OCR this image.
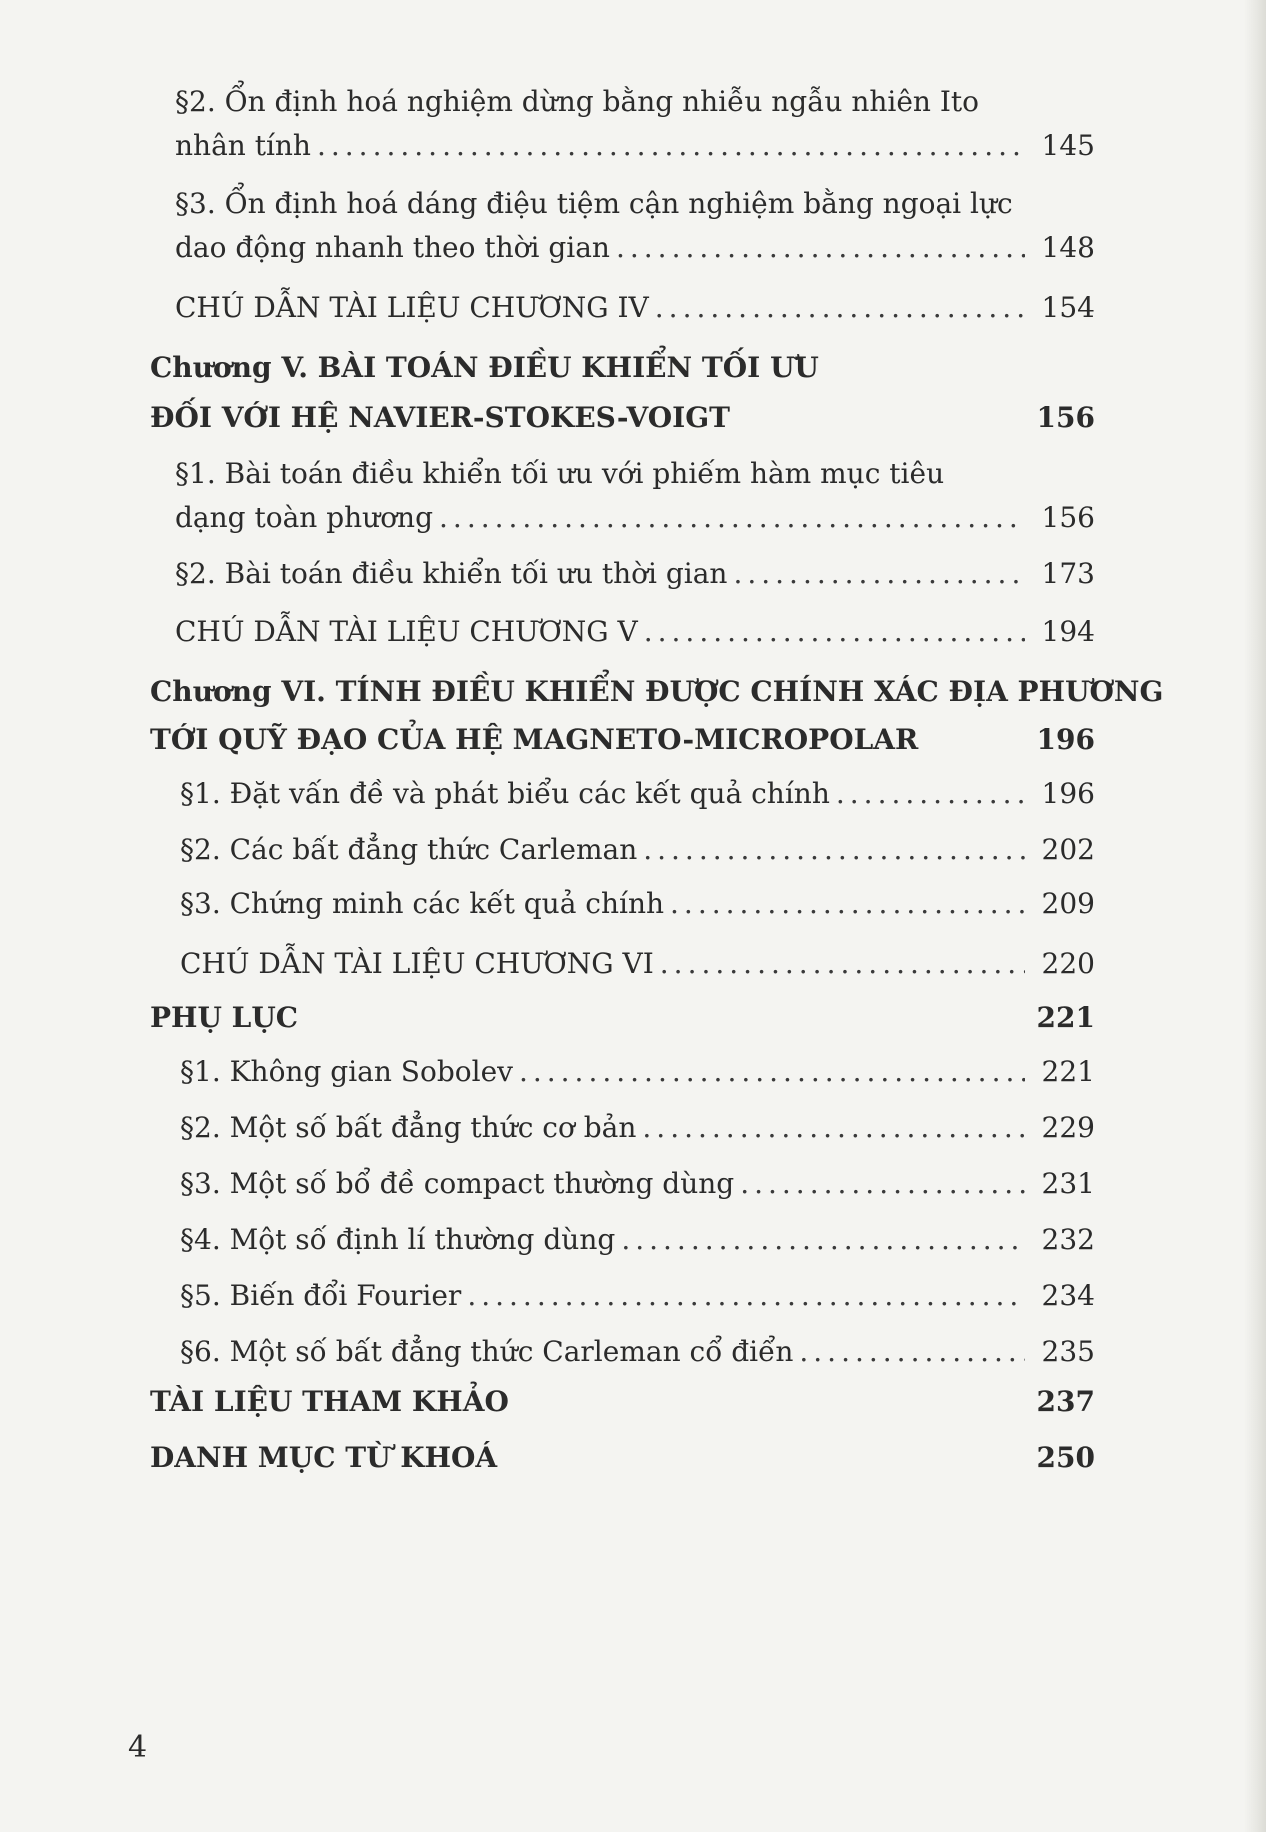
§2. Ổn định hoá nghiệm dừng bằng nhiễu ngẫu nhiên Ito
nhân tính .....	145
§3. Ổn định hoá dáng điệu tiệm cận nghiệm bằng ngoại lực
dao động nhanh theo thời gian .....	148
CHÚ DẪN TÀI LIỆU CHƯƠNG IV .....	154
Chương V. BÀI TOÁN ĐIỀU KHIỂN TỐI ƯU
ĐỐI VỚI HỆ NAVIER-STOKES-VOIGT	156
§1. Bài toán điều khiển tối ưu với phiếm hàm mục tiêu
dạng toàn phương .....	156
§2. Bài toán điều khiển tối ưu thời gian .....	173
CHÚ DẪN TÀI LIỆU CHƯƠNG V .....	194
Chương VI. TÍNH ĐIỀU KHIỂN ĐƯỢC CHÍNH XÁC ĐỊA PHƯƠNG
TỚI QUỸ ĐẠO CỦA HỆ MAGNETO-MICROPOLAR	196
§1. Đặt vấn đề và phát biểu các kết quả chính .....	196
§2. Các bất đẳng thức Carleman .....	202
§3. Chứng minh các kết quả chính .....	209
CHÚ DẪN TÀI LIỆU CHƯƠNG VI .....	220
PHỤ LỤC	221
§1. Không gian Sobolev .....	221
§2. Một số bất đẳng thức cơ bản .....	229
§3. Một số bổ đề compact thường dùng .....	231
§4. Một số định lí thường dùng .....	232
§5. Biến đổi Fourier .....	234
§6. Một số bất đẳng thức Carleman cổ điển .....	235
TÀI LIỆU THAM KHẢO	237
DANH MỤC TỪ KHOÁ	250
4
